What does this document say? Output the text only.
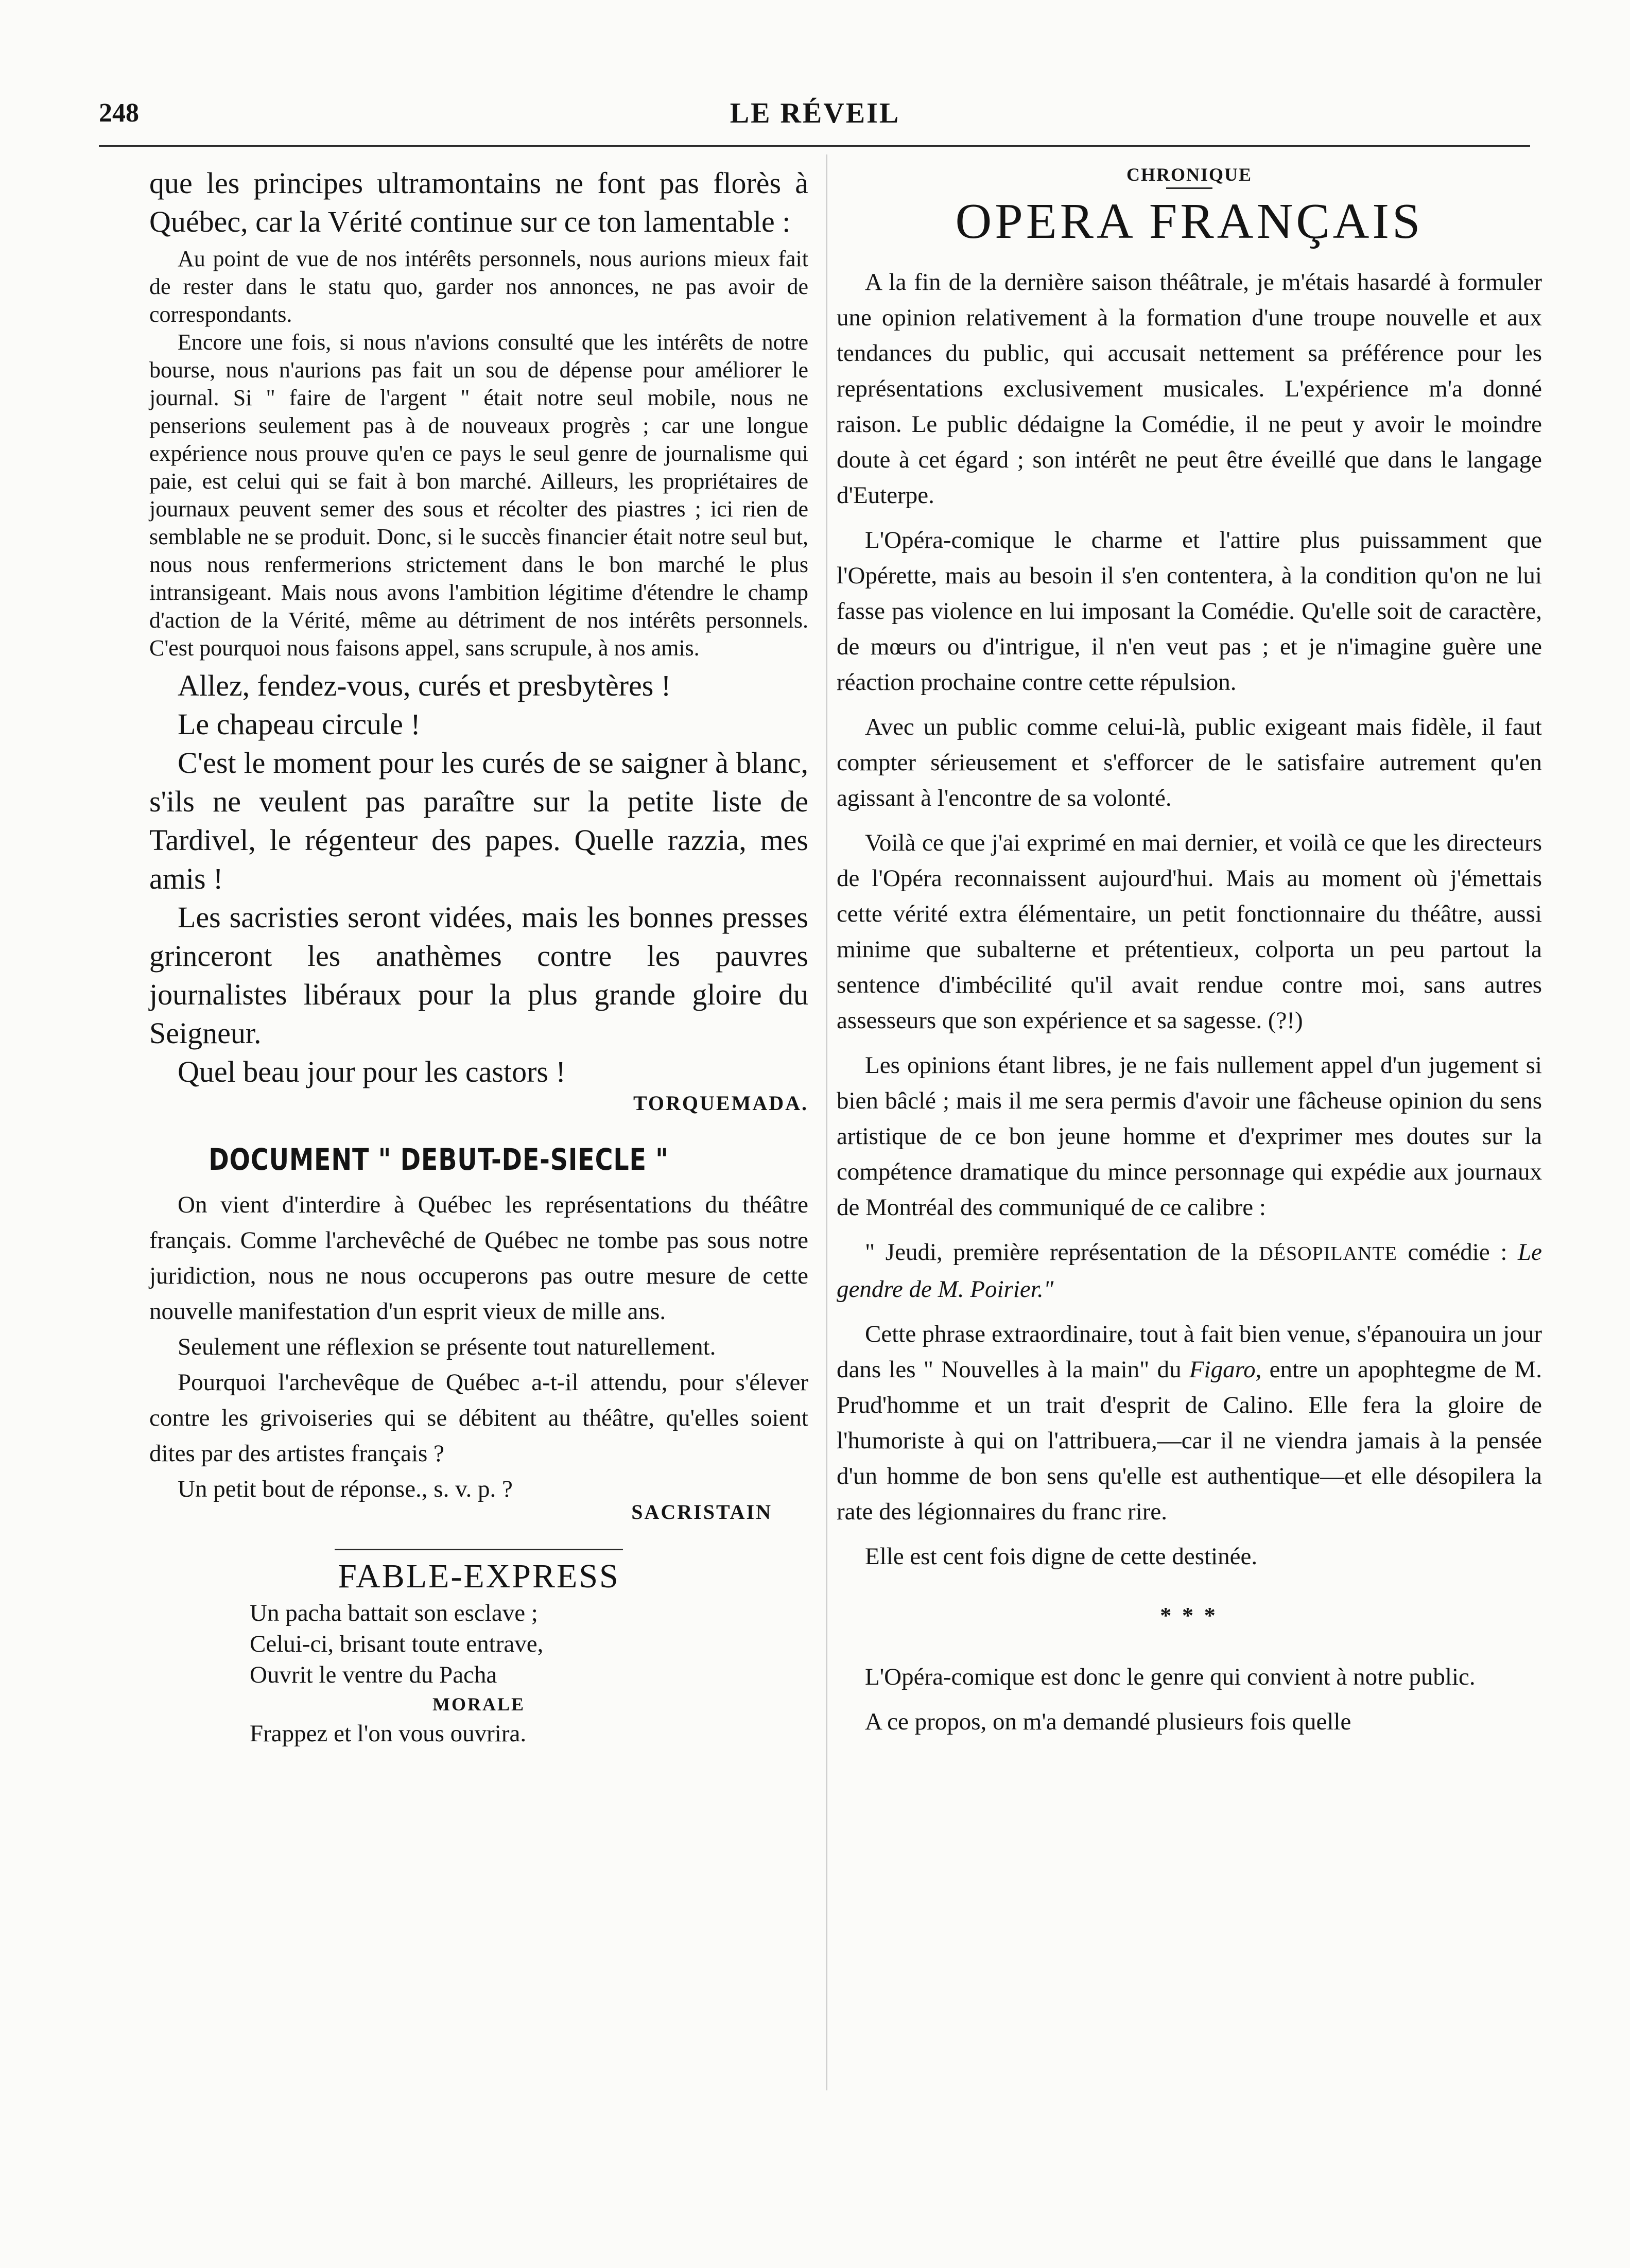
248	LE RÉVEIL

que les principes ultramontains ne font pas florès à Québec, car la Vérité continue sur ce ton lamentable :

Au point de vue de nos intérêts personnels, nous aurions mieux fait de rester dans le statu quo, garder nos annonces, ne pas avoir de correspondants.

Encore une fois, si nous n'avions consulté que les intérêts de notre bourse, nous n'aurions pas fait un sou de dépense pour améliorer le journal. Si " faire de l'argent " était notre seul mobile, nous ne penserions seulement pas à de nouveaux progrès ; car une longue expérience nous prouve qu'en ce pays le seul genre de journalisme qui paie, est celui qui se fait à bon marché. Ailleurs, les propriétaires de journaux peuvent semer des sous et récolter des piastres ; ici rien de semblable ne se produit. Donc, si le succès financier était notre seul but, nous nous renfermerions strictement dans le bon marché le plus intransigeant. Mais nous avons l'ambition légitime d'étendre le champ d'action de la Vérité, même au détriment de nos intérêts personnels. C'est pourquoi nous faisons appel, sans scrupule, à nos amis.

Allez, fendez-vous, curés et presbytères !

Le chapeau circule !

C'est le moment pour les curés de se saigner à blanc, s'ils ne veulent pas paraître sur la petite liste de Tardivel, le régenteur des papes. Quelle razzia, mes amis !

Les sacristies seront vidées, mais les bonnes presses grinceront les anathèmes contre les pauvres journalistes libéraux pour la plus grande gloire du Seigneur.

Quel beau jour pour les castors !

TORQUEMADA.

DOCUMENT " DEBUT-DE-SIECLE "

On vient d'interdire à Québec les représentations du théâtre français. Comme l'archevêché de Québec ne tombe pas sous notre juridiction, nous ne nous occuperons pas outre mesure de cette nouvelle manifestation d'un esprit vieux de mille ans.

Seulement une réflexion se présente tout naturellement.

Pourquoi l'archevêque de Québec a-t-il attendu, pour s'élever contre les grivoiseries qui se débitent au théâtre, qu'elles soient dites par des artistes français ?

Un petit bout de réponse., s. v. p. ?

SACRISTAIN

FABLE-EXPRESS

Un pacha battait son esclave ;

Celui-ci, brisant toute entrave,

Ouvrit le ventre du Pacha

MORALE

Frappez et l'on vous ouvrira.

CHRONIQUE

OPERA FRANÇAIS

A la fin de la dernière saison théâtrale, je m'étais hasardé à formuler une opinion relativement à la formation d'une troupe nouvelle et aux tendances du public, qui accusait nettement sa préférence pour les représentations exclusivement musicales. L'expérience m'a donné raison. Le public dédaigne la Comédie, il ne peut y avoir le moindre doute à cet égard ; son intérêt ne peut être éveillé que dans le langage d'Euterpe.

L'Opéra-comique le charme et l'attire plus puissamment que l'Opérette, mais au besoin il s'en contentera, à la condition qu'on ne lui fasse pas violence en lui imposant la Comédie. Qu'elle soit de caractère, de mœurs ou d'intrigue, il n'en veut pas ; et je n'imagine guère une réaction prochaine contre cette répulsion.

Avec un public comme celui-là, public exigeant mais fidèle, il faut compter sérieusement et s'efforcer de le satisfaire autrement qu'en agissant à l'encontre de sa volonté.

Voilà ce que j'ai exprimé en mai dernier, et voilà ce que les directeurs de l'Opéra reconnaissent aujourd'hui. Mais au moment où j'émettais cette vérité extra élémentaire, un petit fonctionnaire du théâtre, aussi minime que subalterne et prétentieux, colporta un peu partout la sentence d'imbécilité qu'il avait rendue contre moi, sans autres assesseurs que son expérience et sa sagesse. (?!)

Les opinions étant libres, je ne fais nullement appel d'un jugement si bien bâclé ; mais il me sera permis d'avoir une fâcheuse opinion du sens artistique de ce bon jeune homme et d'exprimer mes doutes sur la compétence dramatique du mince personnage qui expédie aux journaux de Montréal des communiqué de ce calibre :

" Jeudi, première représentation de la DÉSOPILANTE comédie : Le gendre de M. Poirier."

Cette phrase extraordinaire, tout à fait bien venue, s'épanouira un jour dans les " Nouvelles à la main" du Figaro, entre un apophtegme de M. Prud'homme et un trait d'esprit de Calino. Elle fera la gloire de l'humoriste à qui on l'attribuera,—car il ne viendra jamais à la pensée d'un homme de bon sens qu'elle est authentique—et elle désopilera la rate des légionnaires du franc rire.

Elle est cent fois digne de cette destinée.

* * *

L'Opéra-comique est donc le genre qui convient à notre public.

A ce propos, on m'a demandé plusieurs fois quelle
